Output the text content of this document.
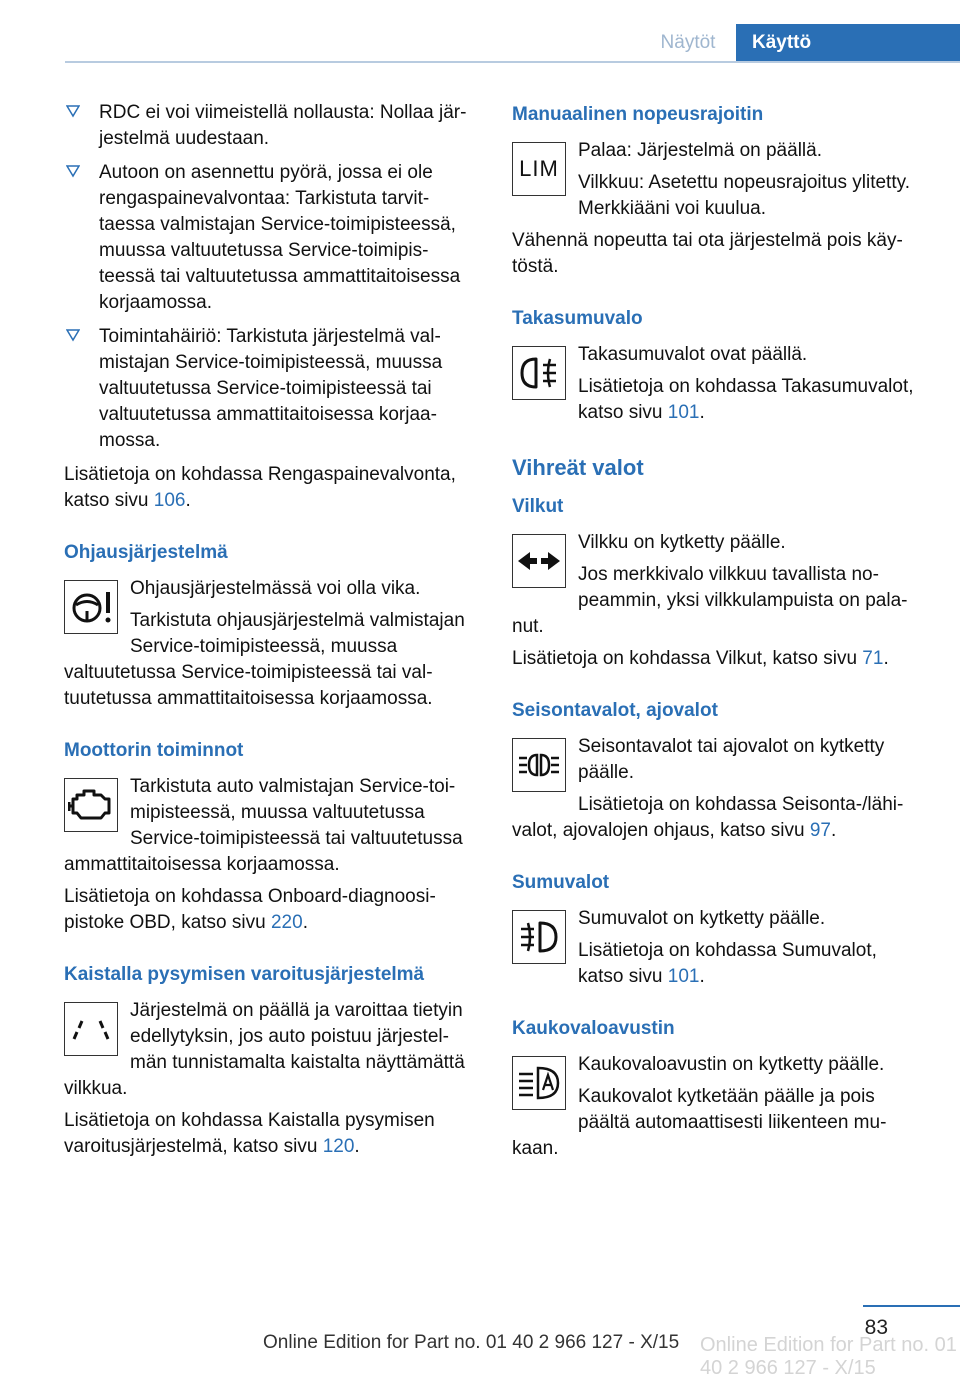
Näytöt	Käyttö
RDC ei voi viimeistellä nollausta: Nollaa järjestelmä uudestaan.
Autoon on asennettu pyörä, jossa ei ole rengaspainevalvontaa: Tarkistuta tarvittaessa valmistajan Service-toimipisteessä, muussa valtuutetussa Service-toimipisteessä tai valtuutetussa ammattitaitoisessa korjaamossa.
Toimintahäiriö: Tarkistuta järjestelmä valmistajan Service-toimipisteessä, muussa valtuutetussa Service-toimipisteessä tai valtuutetussa ammattitaitoisessa korjaamossa.

Lisätietoja on kohdassa Rengaspainevalvonta, katso sivu 106.

Ohjausjärjestelmä

Ohjausjärjestelmässä voi olla vika.

Tarkistuta ohjausjärjestelmä valmistajan Service-toimipisteessä, muussa valtuutetussa Service-toimipisteessä tai valtuutetussa ammattitaitoisessa korjaamossa.

Moottorin toiminnot

Tarkistuta auto valmistajan Service-toimipisteessä, muussa valtuutetussa Service-toimipisteessä tai valtuutetussa ammattitaitoisessa korjaamossa.

Lisätietoja on kohdassa Onboard-diagnoosipistoke OBD, katso sivu 220.

Kaistalla pysymisen varoitusjärjestelmä

Järjestelmä on päällä ja varoittaa tietyin edellytyksin, jos auto poistuu järjestelmän tunnistamalta kaistalta näyttämättä vilkkua.

Lisätietoja on kohdassa Kaistalla pysymisen varoitusjärjestelmä, katso sivu 120.

Manuaalinen nopeusrajoitin
LIM

Palaa: Järjestelmä on päällä.

Vilkkuu: Asetettu nopeusrajoitus ylitetty. Merkkiääni voi kuulua.

Vähennä nopeutta tai ota järjestelmä pois käytöstä.

Takasumuvalo

Takasumuvalot ovat päällä.

Lisätietoja on kohdassa Takasumuvalot, katso sivu 101.

Vihreät valot
Vilkut

Vilkku on kytketty päälle.

Jos merkkivalo vilkkuu tavallista nopeammin, yksi vilkkulampuista on palanut.

Lisätietoja on kohdassa Vilkut, katso sivu 71.

Seisontavalot, ajovalot

Seisontavalot tai ajovalot on kytketty päälle.

Lisätietoja on kohdassa Seisonta-/lähivalot, ajovalojen ohjaus, katso sivu 97.

Sumuvalot

Sumuvalot on kytketty päälle.

Lisätietoja on kohdassa Sumuvalot, katso sivu 101.

Kaukovaloavustin

Kaukovaloavustin on kytketty päälle.

Kaukovalot kytketään päälle ja pois päältä automaattisesti liikenteen mukaan.

83
Online Edition for Part no. 01 40 2 966 127 - X/15 Online Edition for Part no. 01 40 2 966 127 - X/15
